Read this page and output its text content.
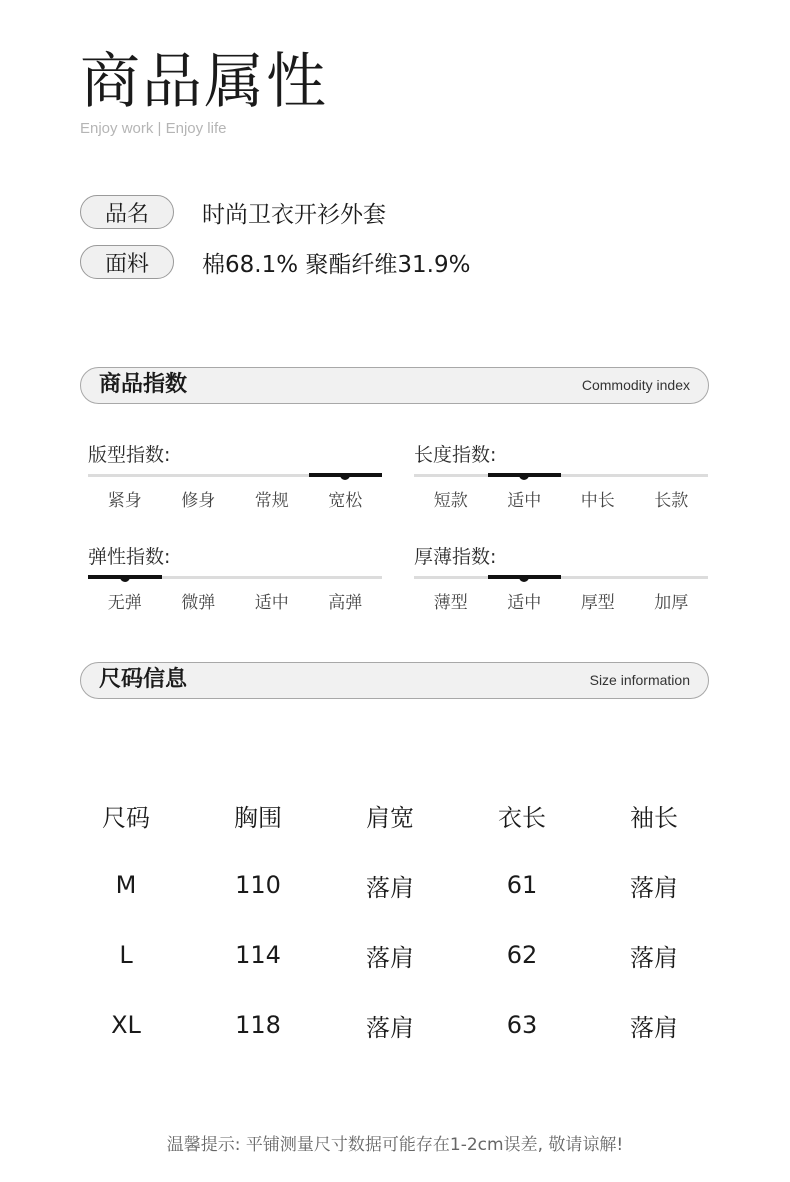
商品属性
Enjoy work | Enjoy life
品名	时尚卫衣开衫外套
面料	棉68.1% 聚酯纤维31.9%
商品指数	Commodity index
版型指数:
紧身	修身	常规	宽松
长度指数:
短款	适中	中长	长款
弹性指数:
无弹	微弹	适中	高弹
厚薄指数:
薄型	适中	厚型	加厚
尺码信息	Size information
尺码	胸围	肩宽	衣长	袖长
M	110	落肩	61	落肩
L	114	落肩	62	落肩
XL	118	落肩	63	落肩
温馨提示: 平铺测量尺寸数据可能存在1-2cm误差, 敬请谅解!
